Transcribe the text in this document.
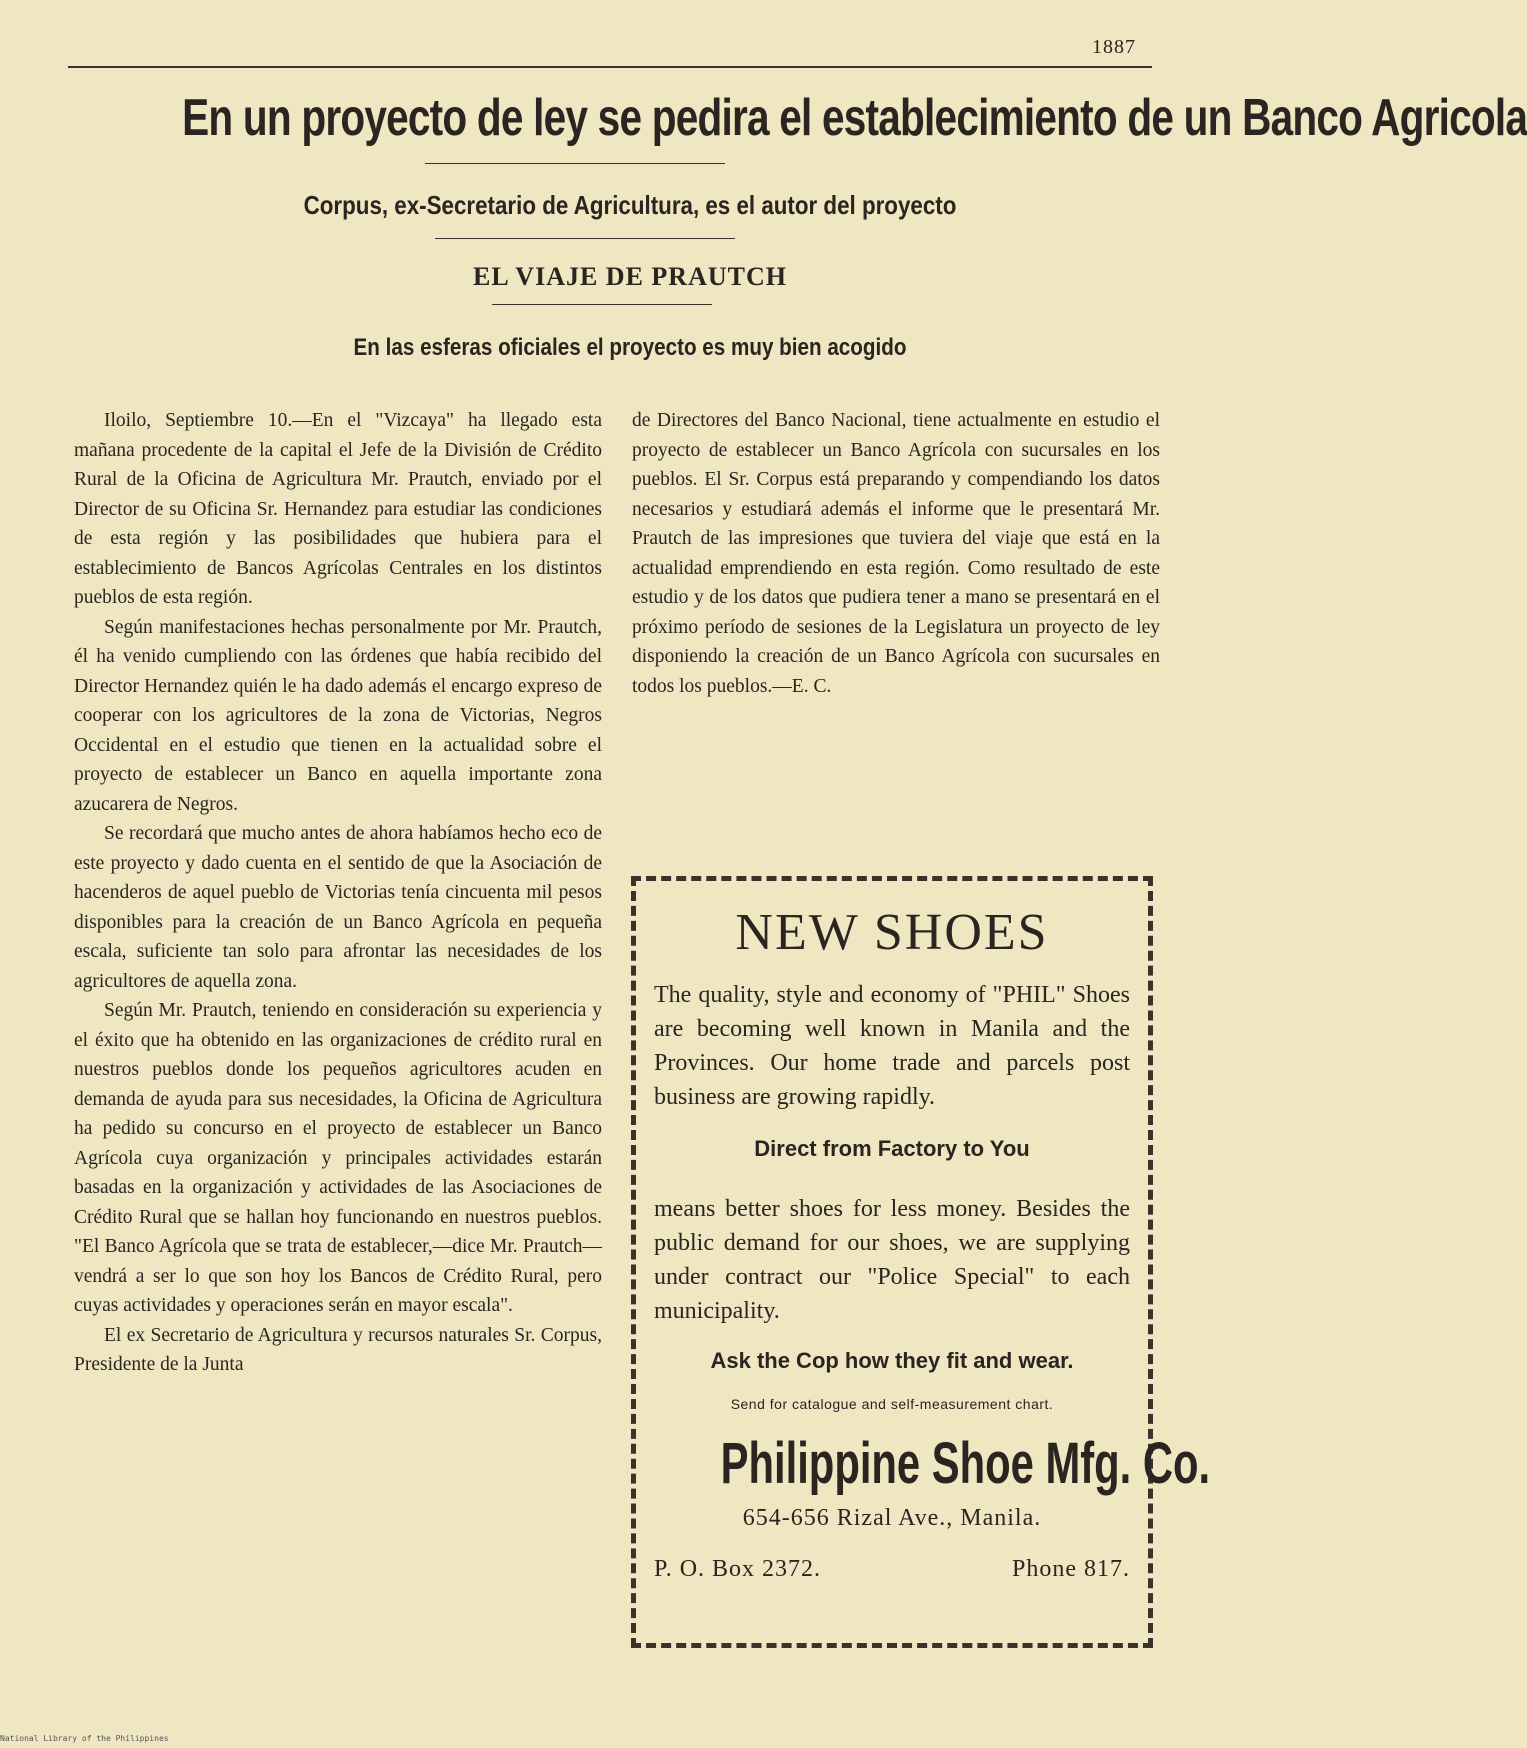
1887
En un proyecto de ley se pedira el establecimiento de un Banco Agricola
Corpus, ex-Secretario de Agricultura, es el autor del proyecto
EL VIAJE DE PRAUTCH
En las esferas oficiales el proyecto es muy bien acogido

Iloilo, Septiembre 10.—En el "Vizcaya" ha llegado esta mañana procedente de la capital el Jefe de la División de Crédito Rural de la Oficina de Agricultura Mr. Prautch, enviado por el Director de su Oficina Sr. Hernandez para estudiar las condiciones de esta región y las posibilidades que hubiera para el establecimiento de Bancos Agrícolas Centrales en los distintos pueblos de esta región.

Según manifestaciones hechas personalmente por Mr. Prautch, él ha venido cumpliendo con las órdenes que había recibido del Director Hernandez quién le ha dado además el encargo expreso de cooperar con los agricultores de la zona de Victorias, Negros Occidental en el estudio que tienen en la actualidad sobre el proyecto de establecer un Banco en aquella importante zona azucarera de Negros.

Se recordará que mucho antes de ahora habíamos hecho eco de este proyecto y dado cuenta en el sentido de que la Asociación de hacenderos de aquel pueblo de Victorias tenía cincuenta mil pesos disponibles para la creación de un Banco Agrícola en pequeña escala, suficiente tan solo para afrontar las necesidades de los agricultores de aquella zona.

Según Mr. Prautch, teniendo en consideración su experiencia y el éxito que ha obtenido en las organizaciones de crédito rural en nuestros pueblos donde los pequeños agricultores acuden en demanda de ayuda para sus necesidades, la Oficina de Agricultura ha pedido su concurso en el proyecto de establecer un Banco Agrícola cuya organización y principales actividades estarán basadas en la organización y actividades de las Asociaciones de Crédito Rural que se hallan hoy funcionando en nuestros pueblos. "El Banco Agrícola que se trata de establecer,—dice Mr. Prautch—vendrá a ser lo que son hoy los Bancos de Crédito Rural, pero cuyas actividades y operaciones serán en mayor escala".

El ex Secretario de Agricultura y recursos naturales Sr. Corpus, Presidente de la Junta

de Directores del Banco Nacional, tiene actualmente en estudio el proyecto de establecer un Banco Agrícola con sucursales en los pueblos. El Sr. Corpus está preparando y compendiando los datos necesarios y estudiará además el informe que le presentará Mr. Prautch de las impresiones que tuviera del viaje que está en la actualidad emprendiendo en esta región. Como resultado de este estudio y de los datos que pudiera tener a mano se presentará en el próximo período de sesiones de la Legislatura un proyecto de ley disponiendo la creación de un Banco Agrícola con sucursales en todos los pueblos.—E. C.

NEW SHOES
The quality, style and economy of "PHIL" Shoes are becoming well known in Manila and the Provinces. Our home trade and parcels post business are growing rapidly.
Direct from Factory to You
means better shoes for less money. Besides the public demand for our shoes, we are supplying under contract our "Police Special" to each municipality.
Ask the Cop how they fit and wear.
Send for catalogue and self-measurement chart.
Philippine Shoe Mfg. Co.
654-656 Rizal Ave., Manila.
P. O. Box 2372.	Phone 817.
National Library of the Philippines
